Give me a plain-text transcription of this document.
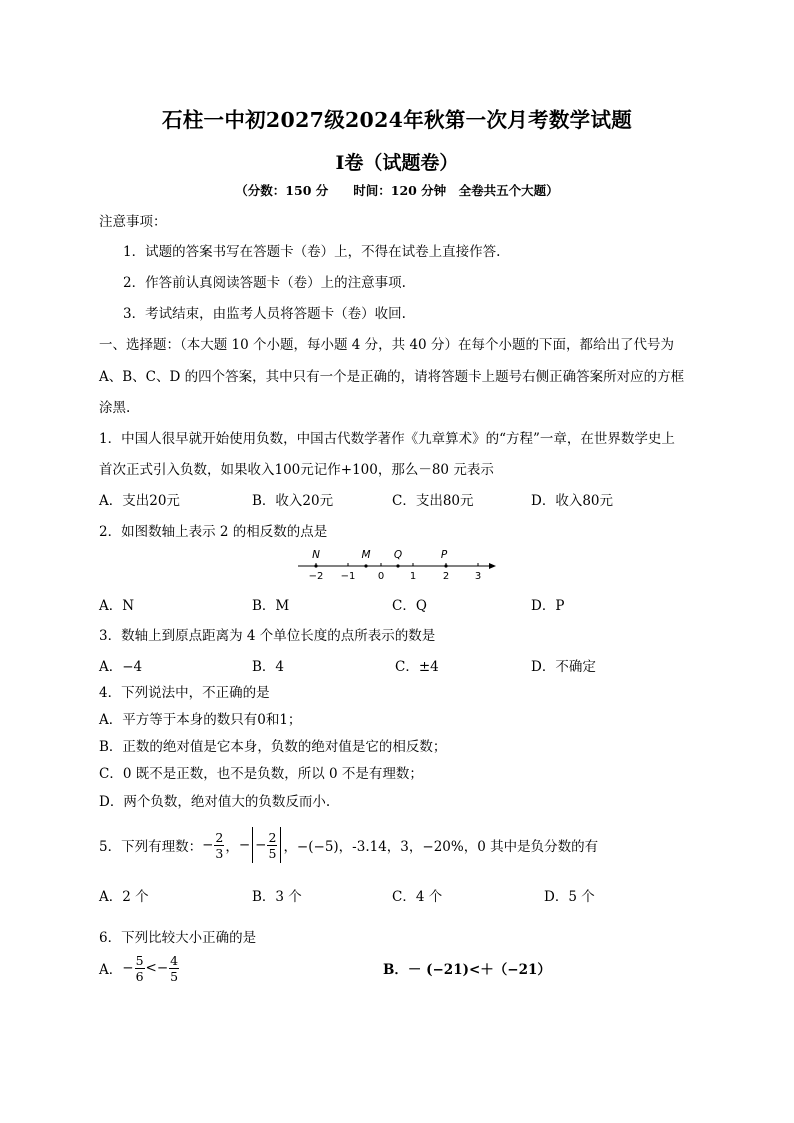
石柱一中初2027级2024年秋第一次月考数学试题
Ⅰ卷（试题卷）
（分数：150 分　　时间：120 分钟　全卷共五个大题）
注意事项：
1．试题的答案书写在答题卡（卷）上，不得在试卷上直接作答.
2．作答前认真阅读答题卡（卷）上的注意事项.
3．考试结束，由监考人员将答题卡（卷）收回.
一、选择题：（本大题 10 个小题，每小题 4 分，共 40 分）在每个小题的下面，都给出了代号为
A、B、C、D 的四个答案，其中只有一个是正确的，请将答题卡上题号右侧正确答案所对应的方框
涂黑.
1．中国人很早就开始使用负数，中国古代数学著作《九章算术》的“方程”一章，在世界数学史上
首次正式引入负数，如果收入100元记作+100，那么－80 元表示
A．支出20元	B．收入20元	C．支出80元	D．收入80元
2．如图数轴上表示 2 的相反数的点是
N	M Q	P
−2 −1 0	1	2	3
A．N	B．M	C．Q	D．P
3．数轴上到原点距离为 4 个单位长度的点所表示的数是
A．−4	B．4	C．±4	D．不确定
4．下列说法中，不正确的是
A．平方等于本身的数只有0和1；
B．正数的绝对值是它本身，负数的绝对值是它的相反数；
C．0 既不是正数，也不是负数，所以 0 不是有理数；
D．两个负数，绝对值大的负数反而小.
5．下列有理数： − $\frac{2}{3}$ ， − − $\frac{2}{5}$ ，−(−5)，-3.14，3，−20%，0 其中是负分数的有
A．2 个	B．3 个	C．4 个	D．5 个
6．下列比较大小正确的是
A． − $\frac{5}{6}$ < − $\frac{4}{5}$	B．－ (−21)<＋（−21）
